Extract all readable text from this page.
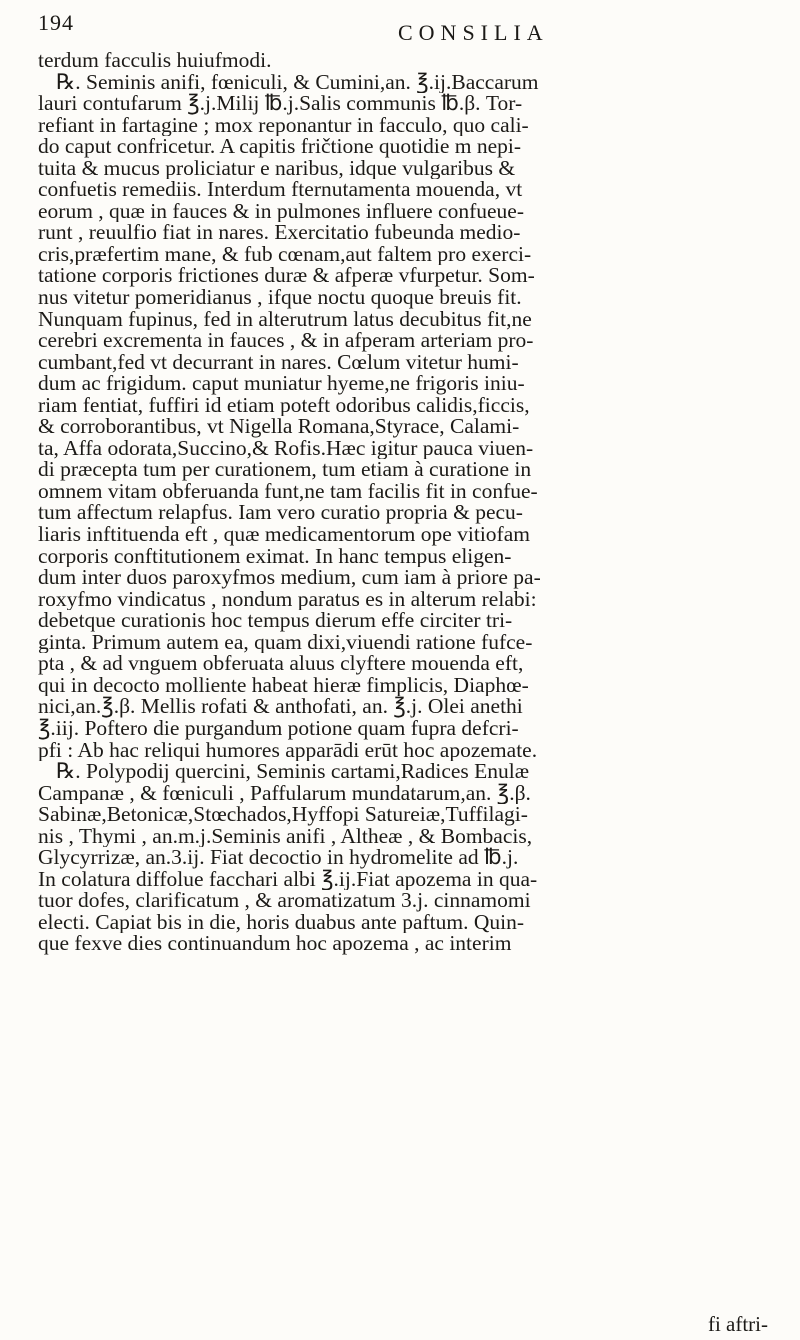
194	CONSILIA
terdum facculis huiufmodi.
℞. Seminis anifi, fœniculi, & Cumini,an. ℥.ij.Baccarum
lauri contufarum ℥.j.Milij ℔.j.Salis communis ℔.β. Tor-
refiant in fartagine ; mox reponantur in facculo, quo cali-
do caput confricetur. A capitis fričtione quotidie m nepi-
tuita & mucus proliciatur e naribus, idque vulgaribus &
confuetis remediis. Interdum fternutamenta mouenda, vt
eorum , quæ in fauces & in pulmones influere confueue-
runt , reuulfio fiat in nares. Exercitatio fubeunda medio-
cris,præfertim mane, & fub cœnam,aut faltem pro exerci-
tatione corporis frictiones duræ & afperæ vfurpetur. Som-
nus vitetur pomeridianus , ifque noctu quoque breuis fit.
Nunquam fupinus, fed in alterutrum latus decubitus fit,ne
cerebri excrementa in fauces , & in afperam arteriam pro-
cumbant,fed vt decurrant in nares. Cœlum vitetur humi-
dum ac frigidum. caput muniatur hyeme,ne frigoris iniu-
riam fentiat, fuffiri id etiam poteft odoribus calidis,ficcis,
& corroborantibus, vt Nigella Romana,Styrace, Calami-
ta, Affa odorata,Succino,& Rofis.Hæc igitur pauca viuen-
di præcepta tum per curationem, tum etiam à curatione in
omnem vitam obferuanda funt,ne tam facilis fit in confue-
tum affectum relapfus. Iam vero curatio propria & pecu-
liaris inftituenda eft , quæ medicamentorum ope vitiofam
corporis conftitutionem eximat. In hanc tempus eligen-
dum inter duos paroxyfmos medium, cum iam à priore pa-
roxyfmo vindicatus , nondum paratus es in alterum relabi:
debetque curationis hoc tempus dierum effe circiter tri-
ginta. Primum autem ea, quam dixi,viuendi ratione fufce-
pta , & ad vnguem obferuata aluus clyftere mouenda eft,
qui in decocto molliente habeat hieræ fimplicis, Diaphœ-
nici,an.℥.β. Mellis rofati & anthofati, an. ℥.j. Olei anethi
℥.iij. Poftero die purgandum potione quam fupra defcri-
pfi : Ab hac reliqui humores apparādi erūt hoc apozemate.
℞. Polypodij quercini, Seminis cartami,Radices Enulæ
Campanæ , & fœniculi , Paffularum mundatarum,an. ℥.β.
Sabinæ,Betonicæ,Stœchados,Hyffopi Satureiæ,Tuffilagi-
nis , Thymi , an.m.j.Seminis anifi , Altheæ , & Bombacis,
Glycyrrizæ, an.3.ij. Fiat decoctio in hydromelite ad ℔.j.
In colatura diffolue facchari albi ℥.ij.Fiat apozema in qua-
tuor dofes, clarificatum , & aromatizatum 3.j. cinnamomi
electi. Capiat bis in die, horis duabus ante paftum. Quin-
que fexve dies continuandum hoc apozema , ac interim
fi aftri-
